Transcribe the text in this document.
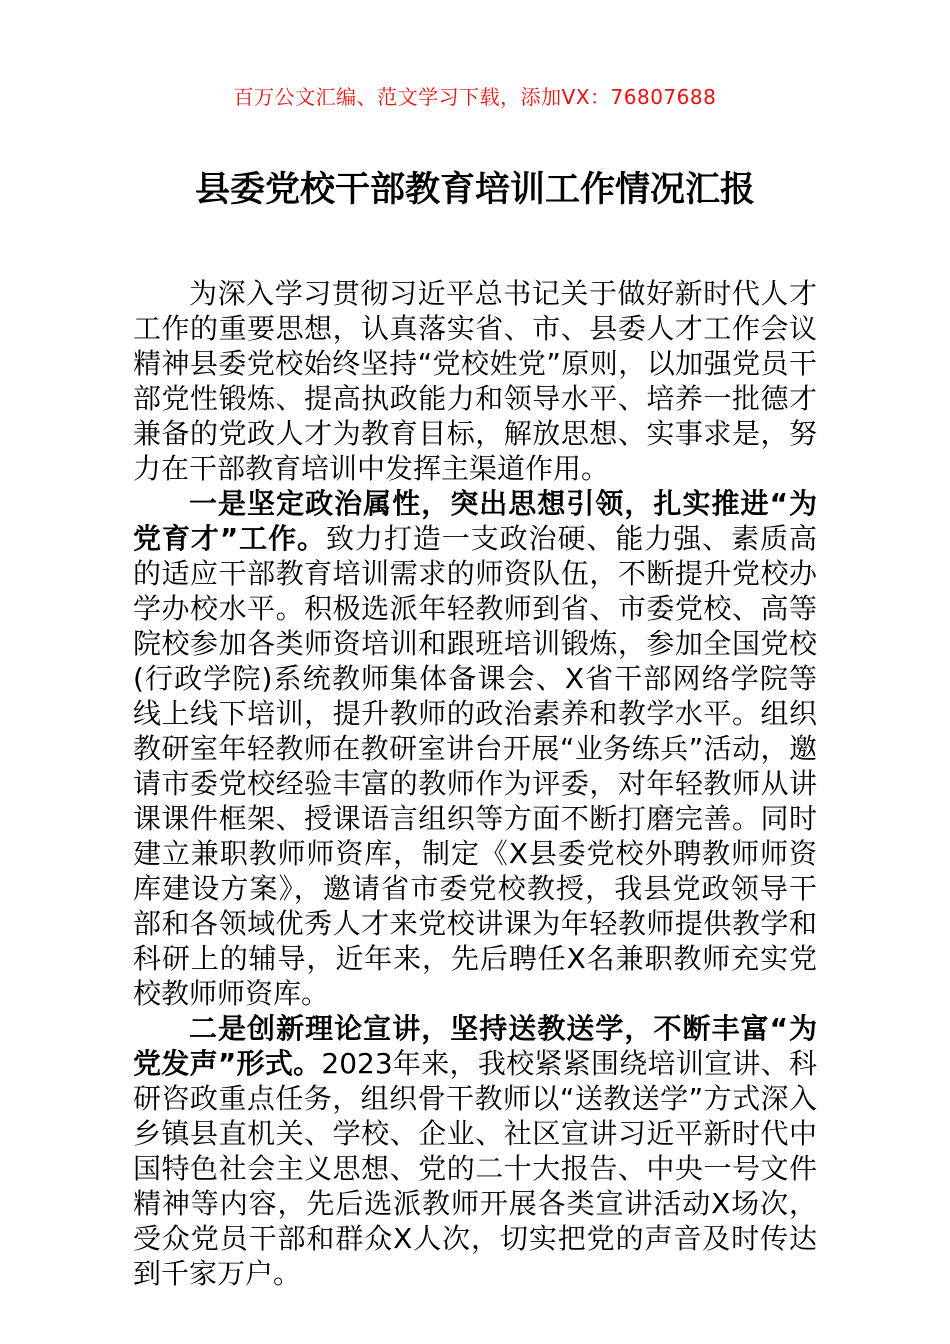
百万公文汇编、范文学习下载，添加VX：76807688
县委党校干部教育培训工作情况汇报

为深入学习贯彻习近平总书记关于做好新时代人才工作的重要思想，认真落实省、市、县委人才工作会议精神县委党校始终坚持“党校姓党”原则，以加强党员干部党性锻炼、提高执政能力和领导水平、培养一批德才兼备的党政人才为教育目标，解放思想、实事求是，努力在干部教育培训中发挥主渠道作用。

一是坚定政治属性，突出思想引领，扎实推进“为党育才”工作。致力打造一支政治硬、能力强、素质高的适应干部教育培训需求的师资队伍，不断提升党校办学办校水平。积极选派年轻教师到省、市委党校、高等院校参加各类师资培训和跟班培训锻炼，参加全国党校(行政学院)系统教师集体备课会、X省干部网络学院等线上线下培训，提升教师的政治素养和教学水平。组织教研室年轻教师在教研室讲台开展“业务练兵”活动，邀请市委党校经验丰富的教师作为评委，对年轻教师从讲课课件框架、授课语言组织等方面不断打磨完善。同时建立兼职教师师资库，制定《X县委党校外聘教师师资库建设方案》，邀请省市委党校教授，我县党政领导干部和各领域优秀人才来党校讲课为年轻教师提供教学和科研上的辅导，近年来，先后聘任X名兼职教师充实党校教师师资库。

二是创新理论宣讲，坚持送教送学，不断丰富“为党发声”形式。2023年来，我校紧紧围绕培训宣讲、科研咨政重点任务，组织骨干教师以“送教送学”方式深入乡镇县直机关、学校、企业、社区宣讲习近平新时代中国特色社会主义思想、党的二十大报告、中央一号文件精神等内容，先后选派教师开展各类宣讲活动X场次，受众党员干部和群众X人次，切实把党的声音及时传达到千家万户。
